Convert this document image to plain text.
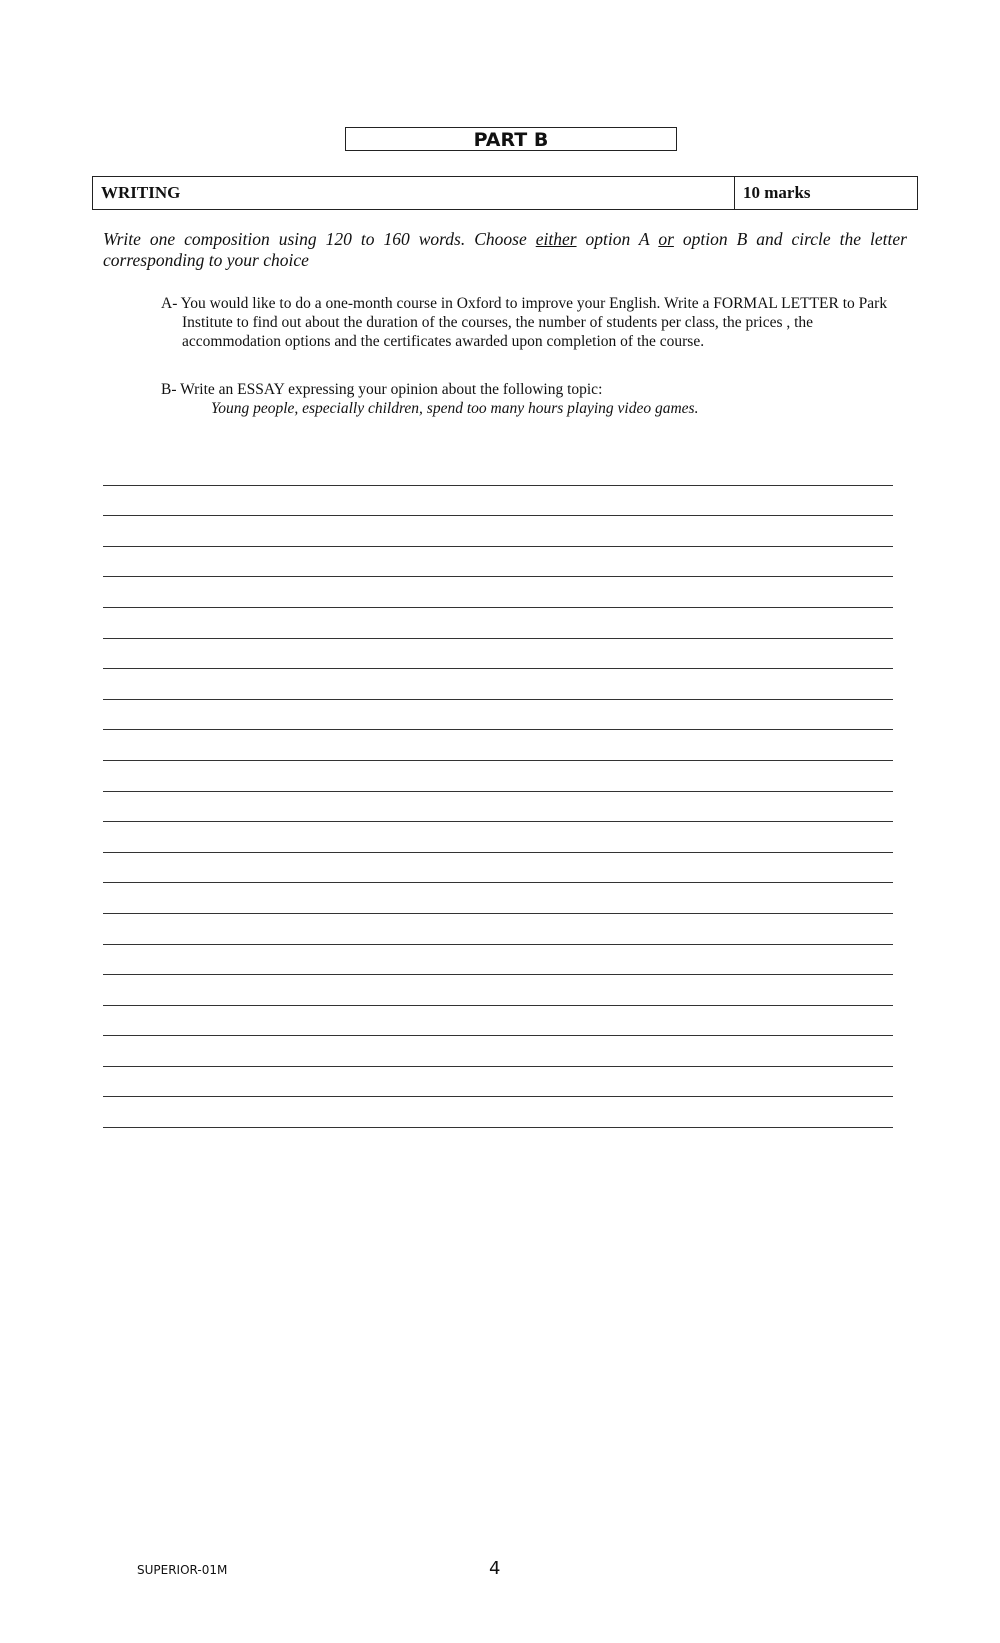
PART B
WRITING	10 marks
Write one composition using 120 to 160 words. Choose either option A or option B and circle the letter corresponding to your choice
A- You would like to do a one-month course in Oxford to improve your English. Write a FORMAL LETTER to Park Institute to find out about the duration of the courses, the number of students per class, the prices , the accommodation options and the certificates awarded upon completion of the course.
B- Write an ESSAY expressing your opinion about the following topic:
Young people, especially children, spend too many hours playing video games.
SUPERIOR-01M	4
